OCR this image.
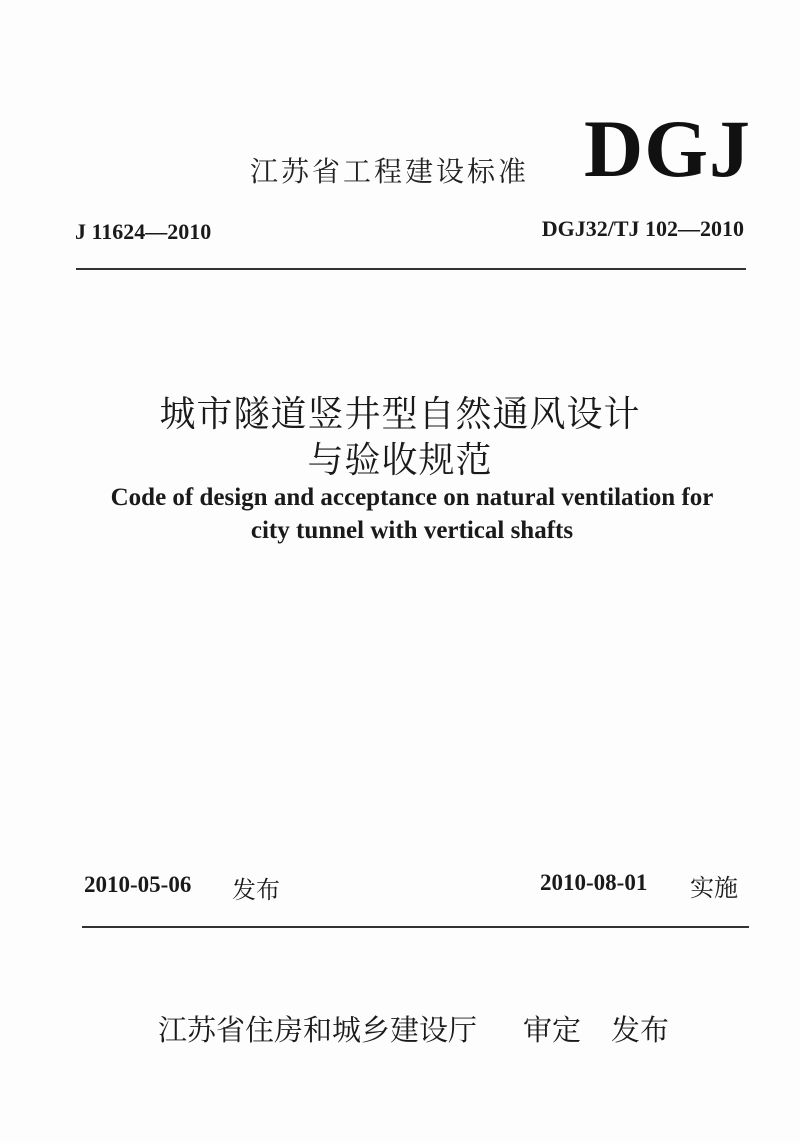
江苏省工程建设标准 DGJ
J 11624—2010	DGJ32/TJ 102—2010
城市隧道竖井型自然通风设计
与验收规范
Code of design and acceptance on natural ventilation for
city tunnel with vertical shafts
2010-05-06 发布	2010-08-01 实施
江苏省住房和城乡建设厅 审定 发布
